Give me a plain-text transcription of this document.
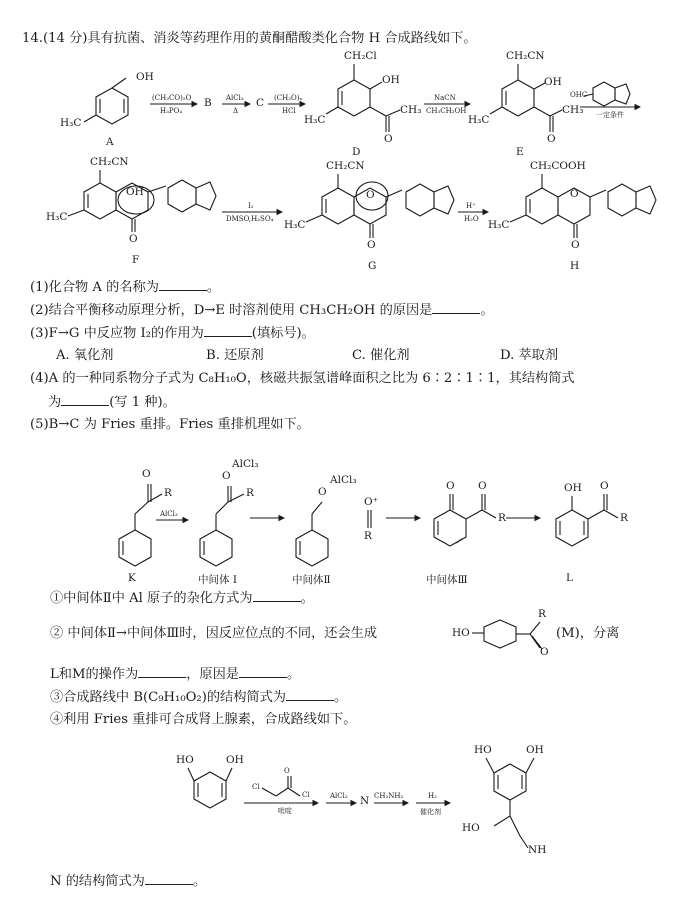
14.(14 分)具有抗菌、消炎等药理作用的黄酮醋酸类化合物 H 合成路线如下。
OH
H₃C
A
(CH₃CO)₂O
H₃PO₄
B AlCl₃
Δ
C (CH₂O)ₙ
HCl
CH₂Cl
OH
H₃C
CH₃
O
D
NaCN
CH₃CH₂OH
CH₂CN
OH
H₃C
CH₃
O
E
OHC
一定条件
CH₂CN
OH
H₃C
O
F
I₂
DMSO,H₂SO₄
CH₂CN
O
H₃C
O
G
H⁺
H₂O
CH₂COOH
O
H₃C
O
H
(1)化合物 A 的名称为	。
(2)结合平衡移动原理分析，D→E 时溶剂使用 CH₃CH₂OH 的原因是	。
(3)F→G 中反应物 I₂的作用为	(填标号)。
A. 氧化剂	B. 还原剂	C. 催化剂	D. 萃取剂
(4)A 的一种同系物分子式为 C₈H₁₀O，核磁共振氢谱峰面积之比为 6∶2∶1∶1，其结构简式
为	(写 1 种)。
(5)B→C 为 Fries 重排。Fries 重排机理如下。
O
R
AlCl₃
O
AlCl₃
R	O
AlCl₃
O⁺
R
O O
R
OH O
R
K	中间体 I	中间体Ⅱ	中间体Ⅲ	L
①中间体Ⅱ中 Al 原子的杂化方式为	。
② 中间体Ⅱ→中间体Ⅲ时，因反应位点的不同，还会生成	HO
R
O
(M)，分离
L和M的操作为	，原因是	。
③合成路线中 B(C₉H₁₀O₂)的结构简式为	。
④利用 Fries 重排可合成肾上腺素，合成路线如下。
HO	OH
Cl
O
Cl
吡啶
AlCl₃ N CH₃NH₂	H₂
催化剂
HO	OH
HO
NH
N 的结构简式为	。
